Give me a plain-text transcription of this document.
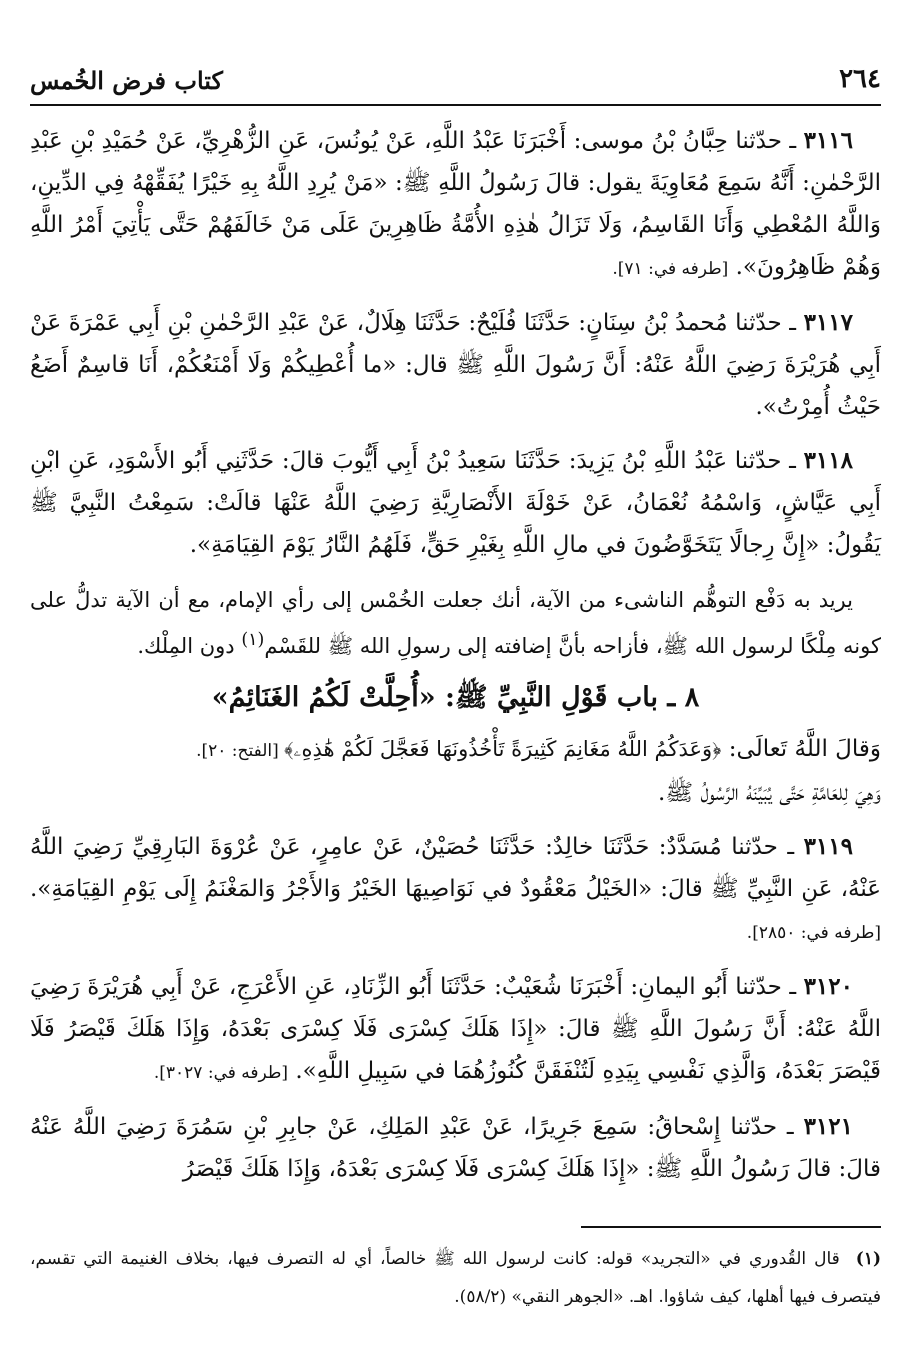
٢٦٤
كتاب فرض الخُمس

٣١١٦ ـ حدّثنا حِبَّانُ بْنُ موسى: أَخْبَرَنَا عَبْدُ اللَّهِ، عَنْ يُونُسَ، عَنِ الزُّهْرِيِّ، عَنْ حُمَيْدِ بْنِ عَبْدِ الرَّحْمٰنِ: أَنَّهُ سَمِعَ مُعَاوِيَةَ يقول: قالَ رَسُولُ اللَّهِ ﷺ: «مَنْ يُرِدِ اللَّهُ بِهِ خَيْرًا يُفَقِّهْهُ فِي الدِّينِ، وَاللَّهُ المُعْطِي وَأَنَا القَاسِمُ، وَلَا تَزَالُ هٰذِهِ الأُمَّةُ ظَاهِرِينَ عَلَى مَنْ خَالَفَهُمْ حَتَّى يَأْتِيَ أَمْرُ اللَّهِ وَهُمْ ظَاهِرُونَ». [طرفه في: ٧١].

٣١١٧ ـ حدّثنا مُحمدُ بْنُ سِنَانٍ: حَدَّثَنَا فُلَيْحٌ: حَدَّثَنَا هِلَالٌ، عَنْ عَبْدِ الرَّحْمٰنِ بْنِ أَبِي عَمْرَةَ عَنْ أَبِي هُرَيْرَةَ رَضِيَ اللَّهُ عَنْهُ: أَنَّ رَسُولَ اللَّهِ ﷺ قال: «ما أُعْطِيكُمْ وَلَا أَمْنَعُكُمْ، أَنَا قاسِمٌ أَضَعُ حَيْثُ أُمِرْتُ».

٣١١٨ ـ حدّثنا عَبْدُ اللَّهِ بْنُ يَزِيدَ: حَدَّثَنَا سَعِيدُ بْنُ أَبِي أَيُّوبَ قالَ: حَدَّثَنِي أَبُو الأَسْوَدِ، عَنِ ابْنِ أَبِي عَيَّاشٍ، وَاسْمُهُ نُعْمَانُ، عَنْ خَوْلَةَ الأَنْصَارِيَّةِ رَضِيَ اللَّهُ عَنْهَا قالَتْ: سَمِعْتُ النَّبِيَّ ﷺ يَقُولُ: «إِنَّ رِجالًا يَتَخَوَّضُونَ في مالِ اللَّهِ بِغَيْرِ حَقٍّ، فَلَهُمُ النَّارُ يَوْمَ القِيَامَةِ».

يريد به دَفْع التوهُّم الناشىء من الآية، أنك جعلت الخُمْس إلى رأي الإمام، مع أن الآية تدلُّ على كونه مِلْكًا لرسول الله ﷺ، فأزاحه بأنَّ إضافته إلى رسولِ الله ﷺ للقَسْم$^{(١)}$ دون المِلْك.

٨ ـ باب قَوْلِ النَّبِيِّ ﷺ: «أُحِلَّتْ لَكُمُ الغَنَائِمُ»

وَقالَ اللَّهُ تَعالَى: ﴿وَعَدَكُمُ اللَّهُ مَغَانِمَ كَثِيرَةً تَأْخُذُونَهَا فَعَجَّلَ لَكُمْ هَٰذِهِۦ﴾ [الفتح: ٢٠].
وَهِيَ لِلعَامَّةِ حَتَّى يُبَيِّنَهُ الرَّسُولُ ﷺ.

٣١١٩ ـ حدّثنا مُسَدَّدٌ: حَدَّثَنَا خالِدٌ: حَدَّثَنَا حُصَيْنٌ، عَنْ عامِرٍ، عَنْ عُرْوَةَ البَارِقِيِّ رَضِيَ اللَّهُ عَنْهُ، عَنِ النَّبِيِّ ﷺ قالَ: «الخَيْلُ مَعْقُودٌ في نَوَاصِيهَا الخَيْرُ وَالأَجْرُ وَالمَغْنَمُ إِلَى يَوْمِ القِيَامَةِ». [طرفه في: ٢٨٥٠].

٣١٢٠ ـ حدّثنا أَبُو اليمانِ: أَخْبَرَنَا شُعَيْبٌ: حَدَّثَنَا أَبُو الزِّنَادِ، عَنِ الأَعْرَجِ، عَنْ أَبِي هُرَيْرَةَ رَضِيَ اللَّهُ عَنْهُ: أَنَّ رَسُولَ اللَّهِ ﷺ قالَ: «إِذَا هَلَكَ كِسْرَى فَلَا كِسْرَى بَعْدَهُ، وَإِذَا هَلَكَ قَيْصَرُ فَلَا قَيْصَرَ بَعْدَهُ، وَالَّذِي نَفْسِي بِيَدِهِ لَتُنْفَقَنَّ كُنُوزُهُمَا في سَبِيلِ اللَّهِ». [طرفه في: ٣٠٢٧].

٣١٢١ ـ حدّثنا إِسْحاقُ: سَمِعَ جَرِيرًا، عَنْ عَبْدِ المَلِكِ، عَنْ جابِرِ بْنِ سَمُرَةَ رَضِيَ اللَّهُ عَنْهُ قالَ: قالَ رَسُولُ اللَّهِ ﷺ: «إِذَا هَلَكَ كِسْرَى فَلَا كِسْرَى بَعْدَهُ، وَإِذَا هَلَكَ قَيْصَرُ

(١)قال القُدوري في «التجريد» قوله: كانت لرسول الله ﷺ خالصاً، أي له التصرف فيها، بخلاف الغنيمة التي تقسم، فيتصرف فيها أهلها، كيف شاؤوا. اهـ. «الجوهر النقي» (٥٨/٢).
